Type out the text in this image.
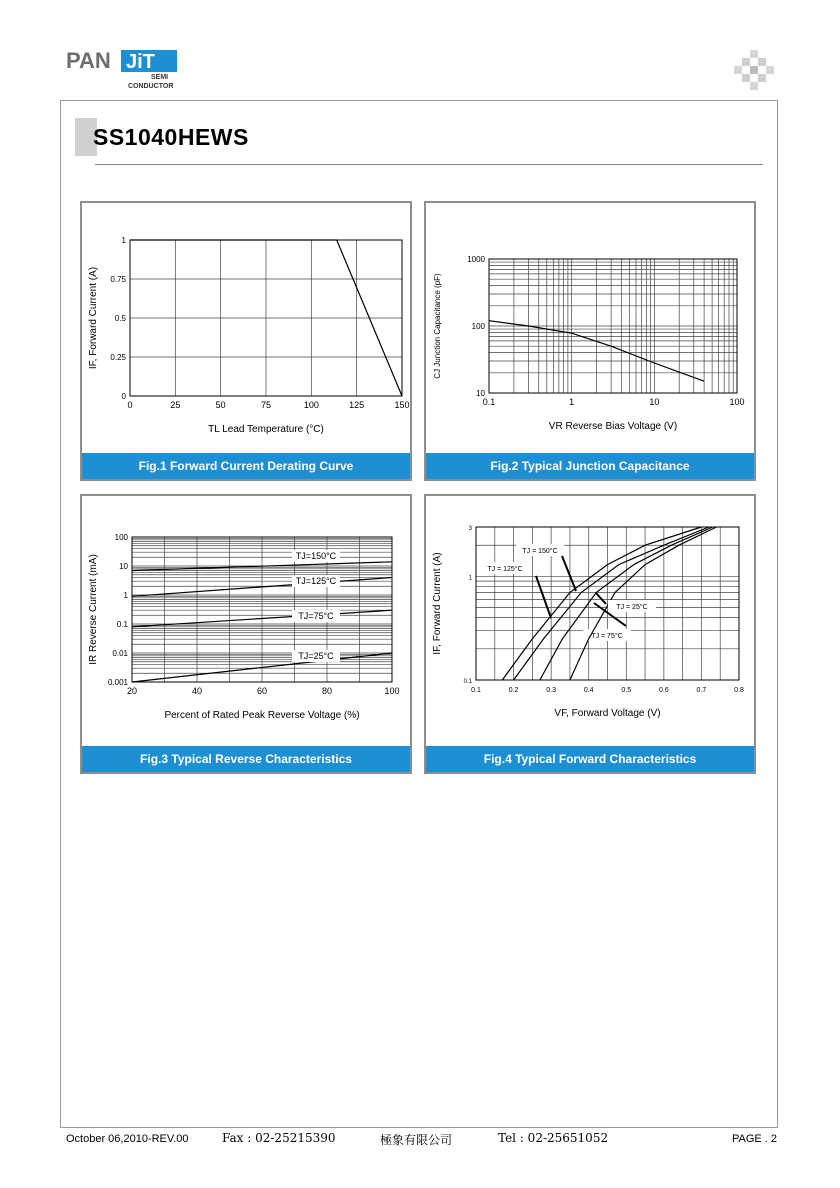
PAN JiT
SEMI
CONDUCTOR
SS1040HEWS
0	25	50	75	100	125	150
0
0.25
0.5
0.75
1
TL Lead Temperature (°C)
IF, Forward Current (A)
Fig.1 Forward Current Derating Curve
0.1	1	10	100
10
100
1000
VR Reverse Bias Voltage (V)
CJ Junction Capacitance (pF)
Fig.2 Typical Junction Capacitance
20	40	60	80	100
0.001
0.01
0.1
1
10
100
Percent of Rated Peak Reverse Voltage (%)
IR Reverse Current (mA)	TJ=150°C
TJ=125°C
TJ=75°C
TJ=25°C
Fig.3 Typical Reverse Characteristics
0.1	0.2	0.3	0.4	0.5	0.6	0.7	0.8
0.1
1
3
VF, Forward Voltage (V)
IF, Forward Current (A)
TJ = 150°C
TJ = 125°C
TJ = 75°C
TJ = 25°C
Fig.4 Typical Forward Characteristics
October 06,2010-REV.00	Fax : 02-25215390	極象有限公司	Tel : 02-25651052	PAGE . 2
